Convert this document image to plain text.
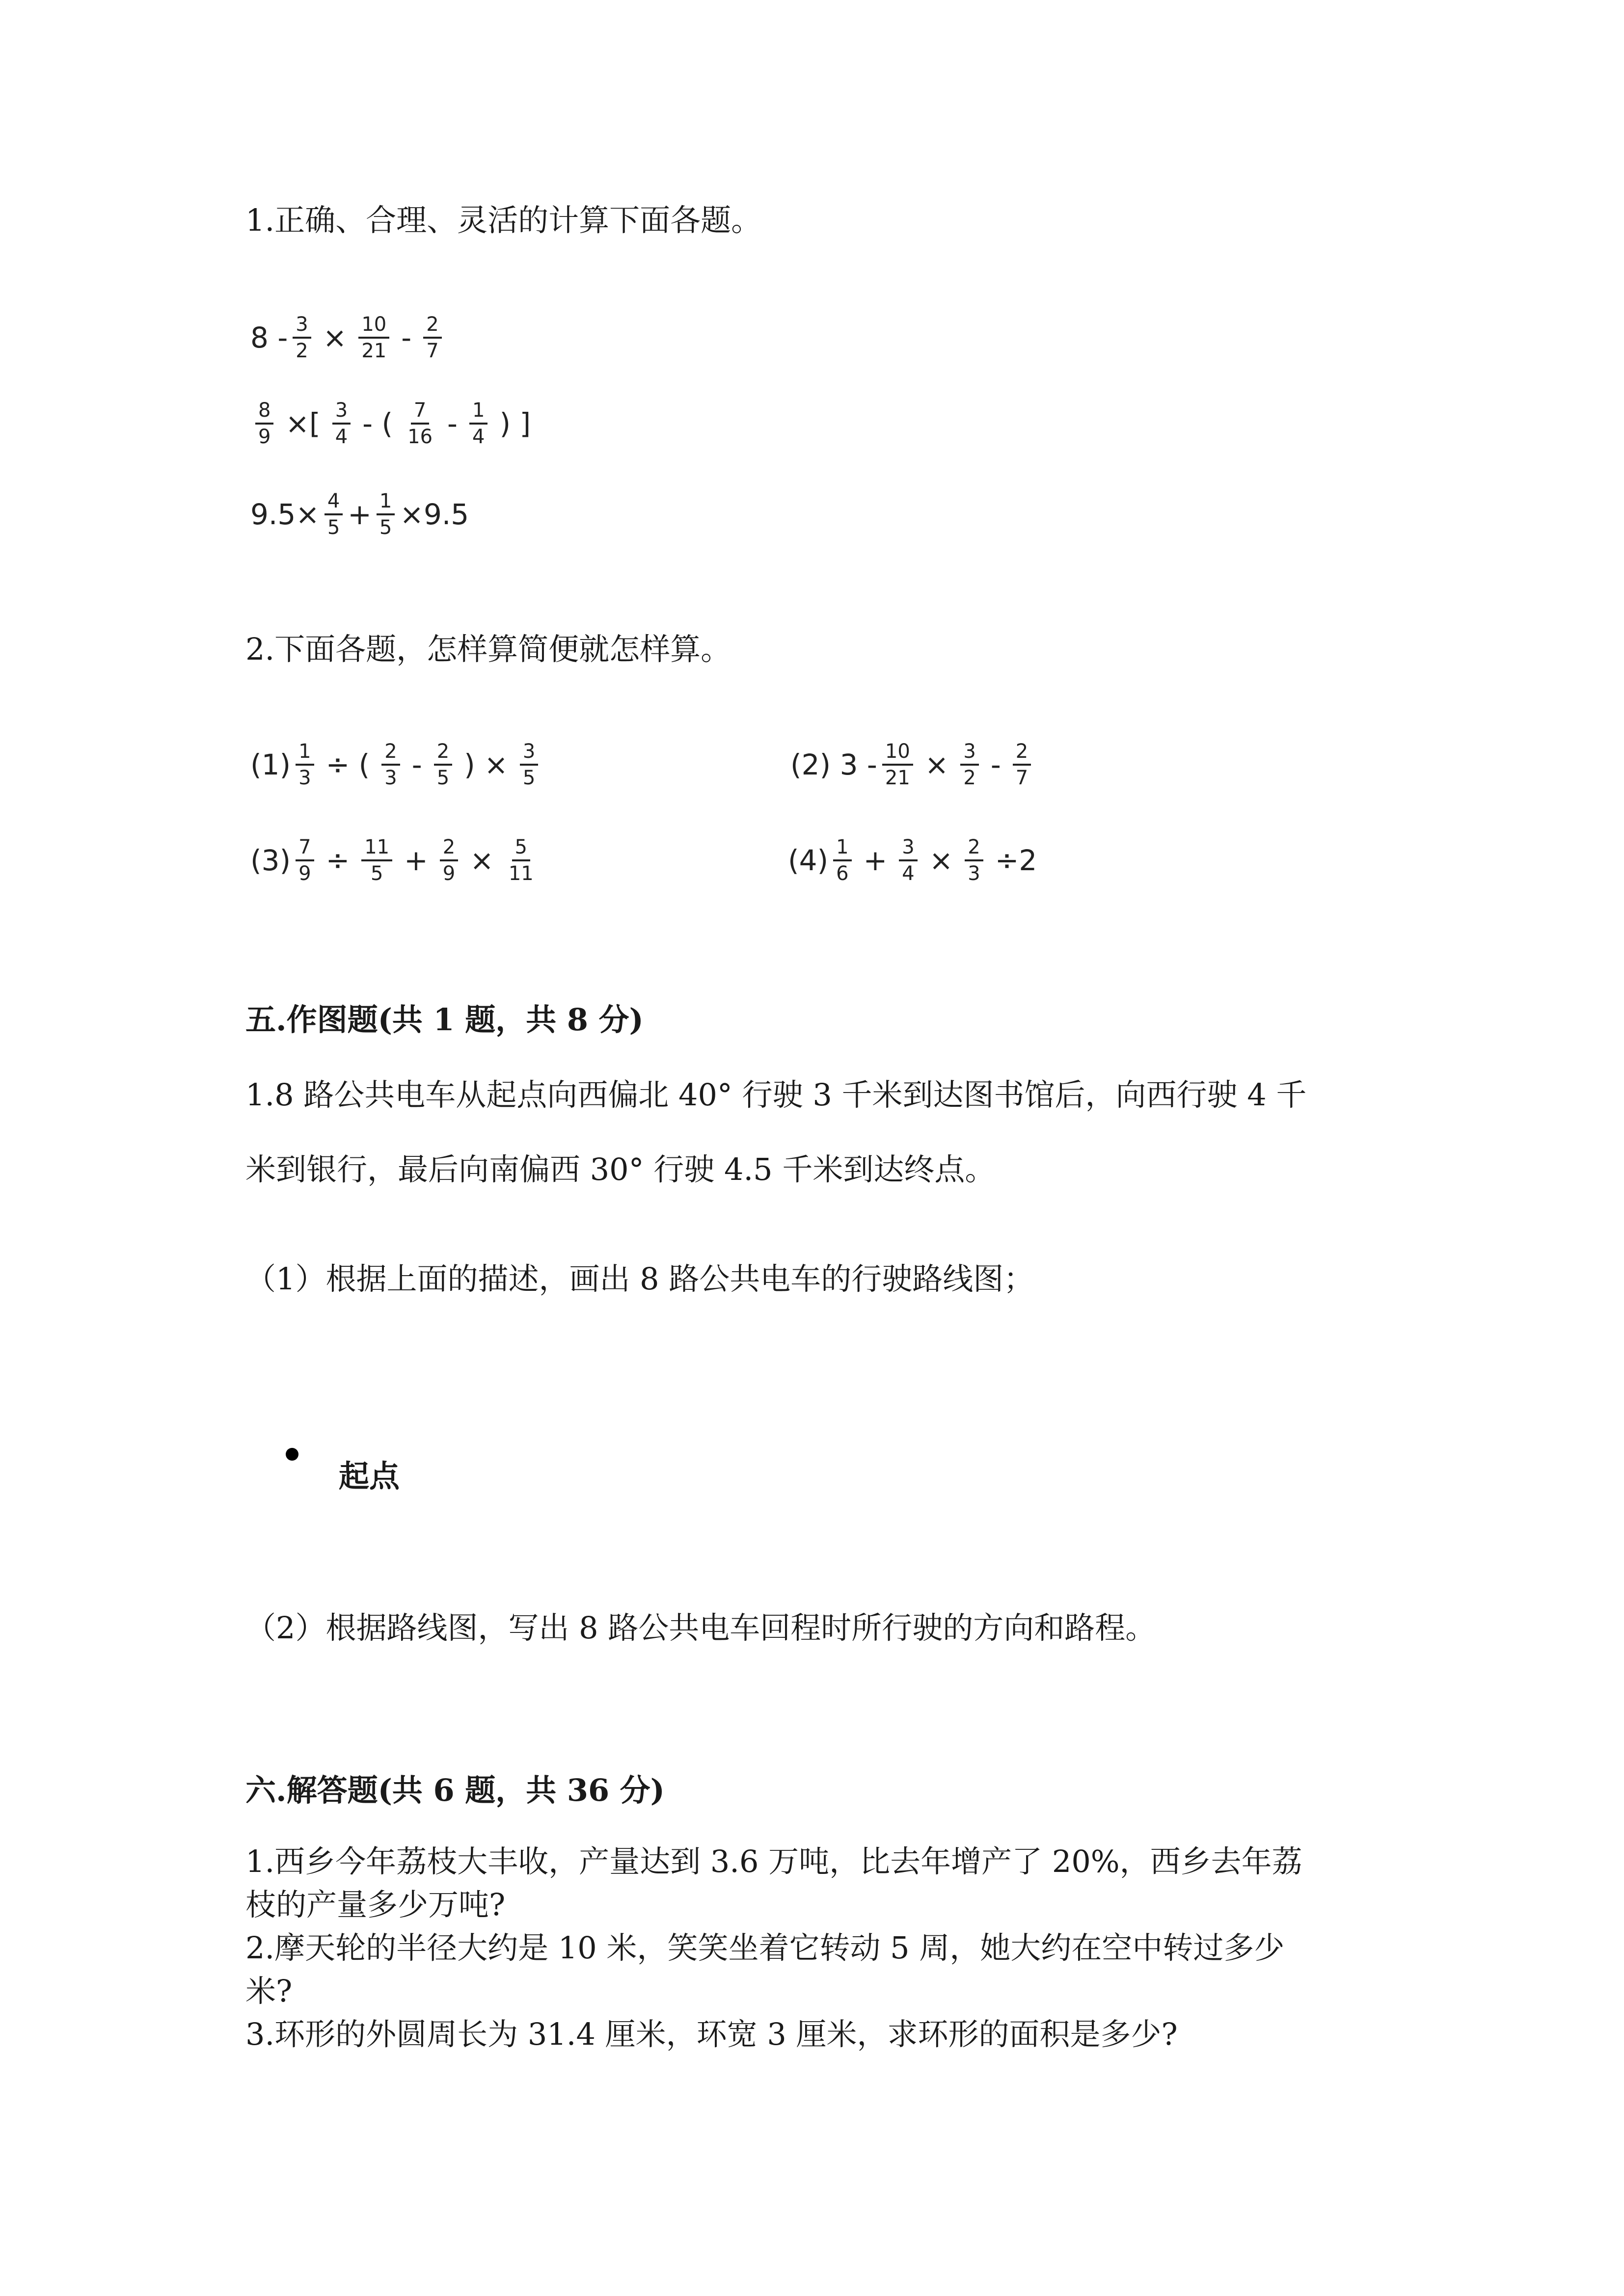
1.正确、合理、灵活的计算下面各题。
$8 - \frac{3}{2} \times \frac{10}{21} - \frac{2}{7}$
$\frac{8}{9}$ ×[ $\frac{3}{4}$ - ( $\frac{7}{16} - \frac{1}{4}$ ) ]
$9.5\times \frac{4}{5} + \frac{1}{5} \times 9.5$
2.下面各题，怎样算简便就怎样算。
$(1) \frac{1}{3}$ ÷ ( $\frac{2}{3} - \frac{2}{5}$ ) × $\frac{3}{5}$	(2) $3 - \frac{10}{21} \times \frac{3}{2} - \frac{2}{7}$
$(3) \frac{7}{9} \div \frac{11}{5} + \frac{2}{9} \times \frac{5}{11}$	$(4) \frac{1}{6} + \frac{3}{4} \times \frac{2}{3} \div 2$
五.作图题(共 1 题，共 8 分)
1.8 路公共电车从起点向西偏北 40° 行驶 3 千米到达图书馆后，向西行驶 4 千
米到银行，最后向南偏西 30° 行驶 4.5 千米到达终点。
（1）根据上面的描述，画出 8 路公共电车的行驶路线图；
起点
（2）根据路线图，写出 8 路公共电车回程时所行驶的方向和路程。
六.解答题(共 6 题，共 36 分)
1.西乡今年荔枝大丰收，产量达到 3.6 万吨，比去年增产了 20%，西乡去年荔
枝的产量多少万吨?
2.摩天轮的半径大约是 10 米，笑笑坐着它转动 5 周，她大约在空中转过多少
米?
3.环形的外圆周长为 31.4 厘米，环宽 3 厘米，求环形的面积是多少?
